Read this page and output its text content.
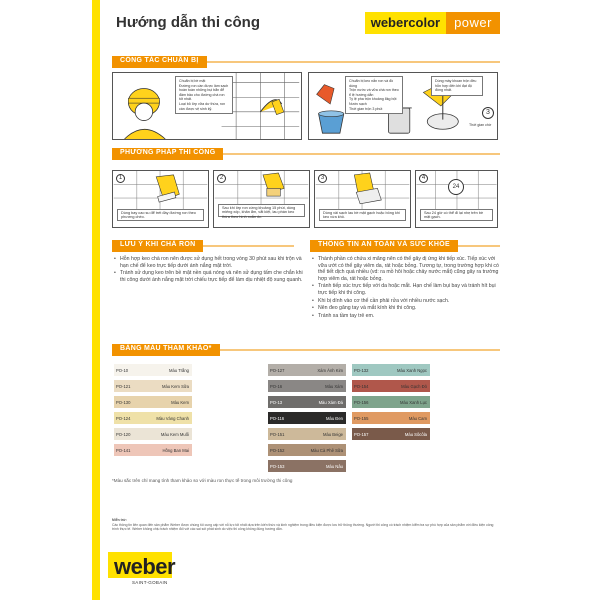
Hướng dẫn thi công	webercolor	power
CÔNG TÁC CHUẨN BỊ
Chuẩn bị bề mặt
Đường ron cần được làm sạch hoàn toàn những bụi bẩn để đảm bảo cho đường chà ron tốt nhất.
Loại bỏ lớp vữa dư thừa, ron cần được vệ sinh kỹ.
Chuẩn bị keo nắn ron và đồ dùng
Trộn nước và vữa chà ron theo tỉ lệ hướng dẫn
Tỷ lệ pha trộn khoảng 8kg bột
Nước sạch
Thời gian trộn 3 phút
Dùng máy khoan trộn đều hỗn hợp đến khi đạt độ đồng nhất.
3
Thời gian chờ
PHƯƠNG PHÁP THI CÔNG
1
Dùng bay cao su để trét đầy đường ron theo phương chéo.
2
Sau khi lớp ron cứng khoảng 15 phút, dùng miếng xốp, khăn ẩm, vắt kiệt, lau phần keo thừa theo hình xoắn ốc.
3
Dùng vải sạch lau bề mặt gạch hoặc bông khi keo vừa khô.
4
24
Sau 24 giờ có thể đi lại nhẹ trên bề mặt gạch.
LƯU Ý KHI CHÀ RON	THÔNG TIN AN TOÀN VÀ SỨC KHỎE
• Hỗn hợp keo chà ron nên được sử dụng hết trong vòng 30 phút sau khi trộn và hạn chế để keo trực tiếp dưới ánh nắng mặt trời.
• Tránh sử dụng keo trên bề mặt nền quá nóng và nên sử dụng tấm che chắn khi thi công dưới ánh nắng mặt trời chiếu trực tiếp để làm dịu nhiệt độ xung quanh.
• Thành phần có chứa xi măng nên có thể gây dị ứng khi tiếp xúc. Tiếp xúc với vữa ướt có thể gây viêm da, rát hoặc bỏng. Tương tự, trong trường hợp khi có thể tiết dịch quá nhiều (vd: ra mồ hôi hoặc chảy nước mắt) cũng gây ra trường hợp viêm da, rát hoặc bỏng.
• Tránh tiếp xúc trực tiếp với da hoặc mắt. Hạn chế làm bụi bay và tránh hít bụi trực tiếp khi thi công.
• Khi bị dính vào cơ thể cần phải rửa với nhiều nước sạch.
• Nên đeo găng tay và mắt kính khi thi công.
• Tránh xa tầm tay trẻ em.
BẢNG MÀU THAM KHẢO*
PO-10	Màu Trắng
PO-121	Màu Kem Sữa
PO-130	Màu Kem
PO-124	Màu Vàng Chanh
PO-120	Màu Kem Muối
PO-141	Hồng Ban Mai
PO-127	Xám Ánh Kim
PO-16	Màu Xám
PO-13	Màu Xám Đá
PO-116	Màu Đen
PO-151	Màu Beige
PO-152	Màu Cà Phê Sữa
PO-153	Màu Nâu
PO-132	Màu Xanh Ngọc
PO-154	Màu Gạch Đỏ
PO-156	Màu Xanh Lục
PO-155	Màu Cam
PO-157	Màu Sôcôla
*Màu sắc trên chỉ mang tính tham khảo so với màu ron thực tế trong môi trường thi công
Miễn trừ:
Các thông tin liên quan đến sản phẩm Weber được chúng tôi cung cấp với nỗ lực tốt nhất dựa trên kiến thức và kinh nghiệm trong điều kiện được lưu trữ thông thường. Người thi công có trách nhiệm kiểm tra sự phù hợp của sản phẩm với điều kiện công trình thực tế. Weber không chịu trách nhiệm đối với các sai sót phát sinh do việc thi công không đúng hướng dẫn.
weber
SAINT-GOBAIN
